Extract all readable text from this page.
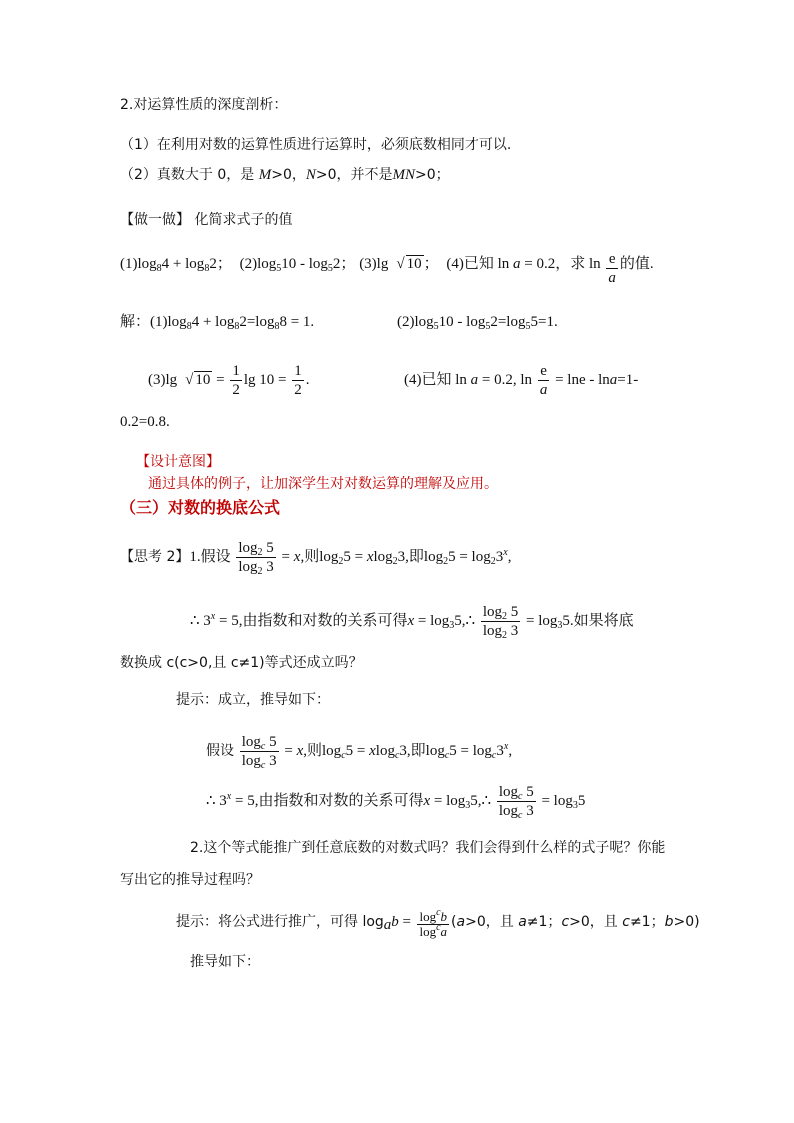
2.对运算性质的深度剖析：
（1）在利用对数的运算性质进行运算时，必须底数相同才可以.
（2）真数大于 0，是 M>0，N>0，并不是MN>0；
【做一做】 化简求式子的值
$(1)\log_84 + \log_82$； $(2)\log_510 - \log_52$； (3)lg √ 10 ； (4)已知 ln a = 0.2，求 $\ln \frac{e}{a}$ 的值.
解：$(1)\log_84 + \log_82=\log_88 = 1$.	$(2)\log_510 - \log_52=\log_55=1$.
(3)lg √ $10 = \frac{1}{2}$ $\lg 10 = \frac{1}{2}$ .	(4)已知 ln a = 0.2, $\ln \frac{e}{a} = \ln e - \ln a=1-$
0.2=0.8.
【设计意图】
通过具体的例子，让加深学生对对数运算的理解及应用。
（三）对数的换底公式
【思考 2】1.假设 $\frac{\log_2 5}{\log_2 3} = x$,则$\log_25 = xlog_23$,即$\log_25 = \log_23^x$,
∴ $3^x = 5$,由指数和对数的关系可得$x = \log_35,\therefore \frac{\log_2 5}{\log_2 3} = \log_35$.如果将底
数换成 c(c>0,且 c≠1)等式还成立吗？
提示：成立，推导如下：
假设 $\frac{\log_c 5}{\log_c 3} = x$,则$\log_c5 = xlog_c3$,即$\log_c5 = \log_c3^x$,
∴ $3^x = 5$,由指数和对数的关系可得$x = \log_35,\therefore \frac{\log_c 5}{\log_c 3} = \log_35$
2.这个等式能推广到任意底数的对数式吗？我们会得到什么样的式子呢？你能
写出它的推导过程吗？
提示：将公式进行推广，可得 $\log_ab = \frac{\log^cb}{\log^ca} (a>0$，且 a≠1；c>0，且 c≠1；b>0)
推导如下：
